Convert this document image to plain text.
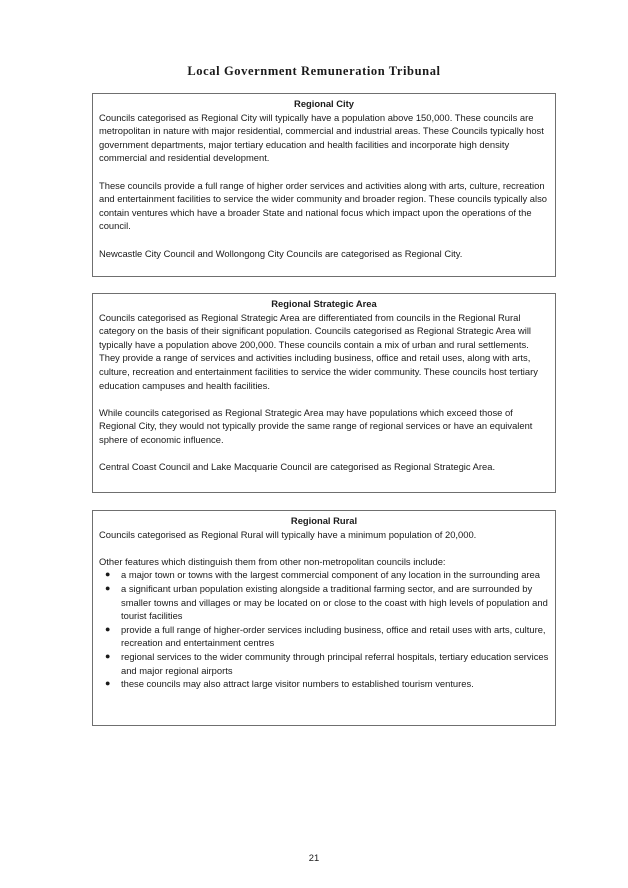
Local Government Remuneration Tribunal
Regional City

Councils categorised as Regional City will typically have a population above 150,000. These councils are metropolitan in nature with major residential, commercial and industrial areas. These Councils typically host government departments, major tertiary education and health facilities and incorporate high density commercial and residential development.

These councils provide a full range of higher order services and activities along with arts, culture, recreation and entertainment facilities to service the wider community and broader region. These councils typically also contain ventures which have a broader State and national focus which impact upon the operations of the council.

Newcastle City Council and Wollongong City Councils are categorised as Regional City.

Regional Strategic Area

Councils categorised as Regional Strategic Area are differentiated from councils in the Regional Rural category on the basis of their significant population. Councils categorised as Regional Strategic Area will typically have a population above 200,000. These councils contain a mix of urban and rural settlements. They provide a range of services and activities including business, office and retail uses, along with arts, culture, recreation and entertainment facilities to service the wider community. These councils host tertiary education campuses and health facilities.

While councils categorised as Regional Strategic Area may have populations which exceed those of Regional City, they would not typically provide the same range of regional services or have an equivalent sphere of economic influence.

Central Coast Council and Lake Macquarie Council are categorised as Regional Strategic Area.

Regional Rural

Councils categorised as Regional Rural will typically have a minimum population of 20,000.

Other features which distinguish them from other non-metropolitan councils include:

● a major town or towns with the largest commercial component of any location in the surrounding area
● a significant urban population existing alongside a traditional farming sector, and are surrounded by smaller towns and villages or may be located on or close to the coast with high levels of population and tourist facilities
● provide a full range of higher-order services including business, office and retail uses with arts, culture, recreation and entertainment centres
● regional services to the wider community through principal referral hospitals, tertiary education services and major regional airports
● these councils may also attract large visitor numbers to established tourism ventures.
21
